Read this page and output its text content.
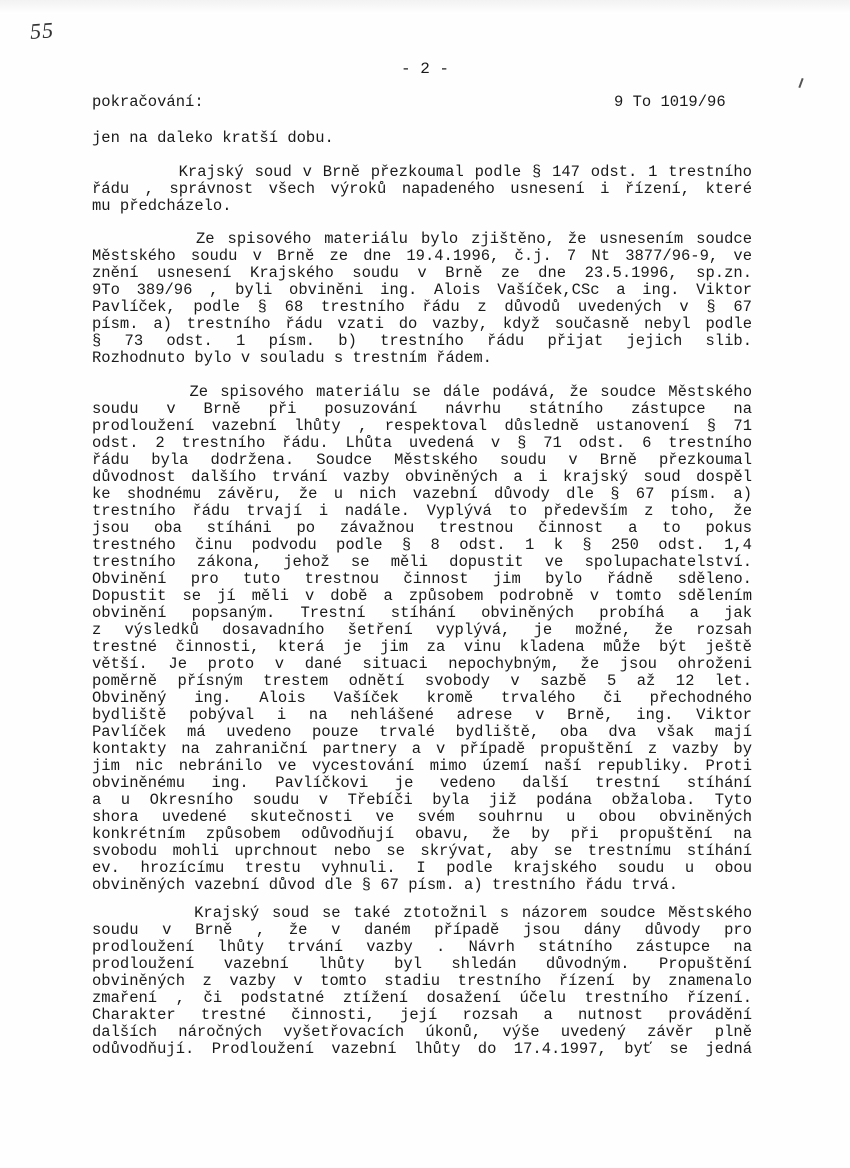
55
- 2 -
pokračování:	9 To 1019/96
jen na daleko kratší dobu.
Krajský soud v Brně přezkoumal podle § 147 odst. 1 trestního
řádu , správnost všech výroků napadeného usnesení i řízení, které
mu předcházelo.
Ze spisového materiálu bylo zjištěno, že usnesením soudce
Městského soudu v Brně ze dne 19.4.1996, č.j. 7 Nt 3877/96-9, ve
znění usnesení Krajského soudu v Brně ze dne 23.5.1996, sp.zn.
9To 389/96 , byli obviněni ing. Alois Vašíček,CSc a ing. Viktor
Pavlíček, podle § 68 trestního řádu z důvodů uvedených v § 67
písm. a) trestního řádu vzati do vazby, když současně nebyl podle
§ 73 odst. 1 písm. b) trestního řádu přijat jejich slib.
Rozhodnuto bylo v souladu s trestním řádem.
Ze spisového materiálu se dále podává, že soudce Městského
soudu v Brně při posuzování návrhu státního zástupce na
prodloužení vazební lhůty , respektoval důsledně ustanovení § 71
odst. 2 trestního řádu. Lhůta uvedená v § 71 odst. 6 trestního
řádu byla dodržena. Soudce Městského soudu v Brně přezkoumal
důvodnost dalšího trvání vazby obviněných a i krajský soud dospěl
ke shodnému závěru, že u nich vazební důvody dle § 67 písm. a)
trestního řádu trvají i nadále. Vyplývá to především z toho, že
jsou oba stíháni po závažnou trestnou činnost a to pokus
trestného činu podvodu podle § 8 odst. 1 k § 250 odst. 1,4
trestního zákona, jehož se měli dopustit ve spolupachatelství.
Obvinění pro tuto trestnou činnost jim bylo řádně sděleno.
Dopustit se jí měli v době a způsobem podrobně v tomto sdělením
obvinění popsaným. Trestní stíhání obviněných probíhá a jak
z výsledků dosavadního šetření vyplývá, je možné, že rozsah
trestné činnosti, která je jim za vinu kladena může být ještě
větší. Je proto v dané situaci nepochybným, že jsou ohroženi
poměrně přísným trestem odnětí svobody v sazbě 5 až 12 let.
Obviněný ing. Alois Vašíček kromě trvalého či přechodného
bydliště pobýval i na nehlášené adrese v Brně, ing. Viktor
Pavlíček má uvedeno pouze trvalé bydliště, oba dva však mají
kontakty na zahraniční partnery a v případě propuštění z vazby by
jim nic nebránilo ve vycestování mimo území naší republiky. Proti
obviněnému ing. Pavlíčkovi je vedeno další trestní stíhání
a u Okresního soudu v Třebíči byla již podána obžaloba. Tyto
shora uvedené skutečnosti ve svém souhrnu u obou obviněných
konkrétním způsobem odůvodňují obavu, že by při propuštění na
svobodu mohli uprchnout nebo se skrývat, aby se trestnímu stíhání
ev. hrozícímu trestu vyhnuli. I podle krajského soudu u obou
obviněných vazební důvod dle § 67 písm. a) trestního řádu trvá.
Krajský soud se také ztotožnil s názorem soudce Městského
soudu v Brně , že v daném případě jsou dány důvody pro
prodloužení lhůty trvání vazby . Návrh státního zástupce na
prodloužení vazební lhůty byl shledán důvodným. Propuštění
obviněných z vazby v tomto stadiu trestního řízení by znamenalo
zmaření , či podstatné ztížení dosažení účelu trestního řízení.
Charakter trestné činnosti, její rozsah a nutnost provádění
dalších náročných vyšetřovacích úkonů, výše uvedený závěr plně
odůvodňují. Prodloužení vazební lhůty do 17.4.1997, byť se jedná
